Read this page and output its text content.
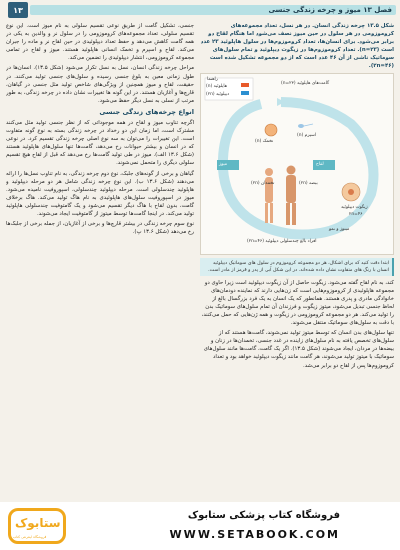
۱۳	فصل ۱۳ میوز و چرخه زندگی جنسی

جنسی، تشکیل گامت از طریق نوعی تقسیم سلولی به نام میوز است. این نوع تقسیم سلولی، تعداد مجموعه‌های کروموزومی را در سلول نر و والدین به یکی در همه گامت کاهش می‌دهد و حفظ تعداد دیپلوئیدی در حین لقاح نر و ماده را جبران می‌کند. لقاح و اسپرم و تخمک انسانی هاپلوئید هستند. میوز و لقاح در تمامی مجموعه کروموزومی، انتشار دیپلوئیدی را تضمین می‌کند.

مراحل چرخه زندگی انسان، نسل به نسل تکرار می‌شود (شکل ۱۳.۵). انسان‌ها در طول زمانی معین به بلوغ جنسی رسیده و سلول‌های جنسی تولید می‌کنند. در حقیقت، لقاح و میوز همچنین از ویژگی‌های شاخص تولید مثل جنسی در گیاهان، قارچ‌ها و آغازیان هستند. در این گونه ها تغییرات نشان داده در چرخه زندگی، به طور مرتب از نسلی به نسل دیگر حفظ می‌شود.

انواع چرخه‌های زندگی جنسی

اگرچه تناوب میوز و لقاح در همه موجوداتی که از نظر جنسی تولید مثل می‌کنند مشترک است، اما زمان این دو رخداد در چرخه زندگی بسته به نوع گونه متفاوت است. این تغییرات را می‌توان به سه نوع اصلی چرخه زندگی تقسیم کرد. در نوعی که در انسان و بیشتر حیوانات رخ می‌دهد، گامت‌ها تنها سلول‌های هاپلوئید هستند (شکل ۱۳.۶ الف). میوز در طی تولید گامت‌ها رخ می‌دهد که قبل از لقاح هیچ تقسیم سلولی دیگری را متحمل نمی‌شوند.

گیاهان و برخی از گونه‌های جلبک، نوع دوم چرخه زندگی، به نام تناوب نسل‌ها را ارائه می‌دهند (شکل ۱۳.۶ ب). این نوع چرخه زندگی شامل هر دو مرحله دیپلوئید و هاپلوئید چندسلولی است. مرحله دیپلوئید چندسلولی، اسپوروفیت نامیده می‌شود. میوز در اسپوروفیت سلول‌های هاپلوئیدی به نام هاگ تولید می‌کند. هاگ برخلاف گامت، بدون لقاح با هاگ دیگر تقسیم می‌شود و یک گامتوفیت چندسلولی هاپلوئید تولید می‌کند. در اینجا گامت‌ها توسط میتوز از گامتوفیت ایجاد می‌شوند.

نوع سوم چرخه زندگی در بیشتر قارچ‌ها و برخی از آغازیان، از جمله برخی از جلبک‌ها رخ می‌دهد (شکل ۱۳.۶ پ).

شکل ۱۳.۵ چرخه زندگی انسان. در هر نسل، تعداد مجموعه‌های کروموزومی در هر سلول در حین میوز نصف می‌شود اما هنگام لقاح دو برابر می‌شود. برای انسان‌ها، تعداد کروموزوم‌ها در سلول هاپلوئید ۲۳ عدد است (n=۲۳). تعداد کروموزوم‌ها در زیگوت دیپلوئید و تمام سلول‌های سوماتیک ناشی از آن ۴۶ عدد است که از دو مجموعه تشکیل شده است (۲n=۴۶).
راهنما
هاپلوئید (n)
دیپلوئید (۲n)
گامت‌های هاپلوئید (n=۲۳)
تخمک (n)
اسپرم (n)
میوز	لقاح
تخمدان (۲n)	بیضه (۲n)
زیگوت دیپلوئید
۲n=۴۶
میتوز و نمو
افراد بالغ چندسلولی دیپلوئید (۲n=۴۶)
ابتدا دقت کنید که برای اشکال، هر دو مجموعه کروموزوم در سلول های سوماتیک دیپلوئید انسان با رنگ های متفاوت نشان داده شده‌اند. در این شکل آبی از پدر و قرمز از مادر است.

کند، به نام لقاح گفته می‌شود. زیگوت حاصل از آن زیگوت دیپلوئید است زیرا حاوی دو مجموعه هاپلوئیدی از کروموزوم‌هایی است که زن‌هایی دارند که نماینده دودمان‌های خانوادگی مادری و پدری هستند. همانطور که یک انسان به یک فرد بزرگسال بالغ از لحاظ جنسی تبدیل می‌شود، میتوز زیگوت و فرزندان آن تمام سلول‌های سوماتیک بدن را تولید می‌کند. هر دو مجموعه کروموزومی در زیگوت و همه ژن‌هایی که حمل می‌کنند، با دقت به سلول‌های سوماتیک منتقل می‌شوند.

تنها سلول‌های بدن انسان که توسط میتوز تولید نمی‌شوند، گامت‌ها هستند که از سلول‌های تخصص یافته به نام سلول‌های زاینده در غدد جنسی، تخمدان‌ها در زنان و بیضه‌ها در مردان، ایجاد می‌شوند (شکل ۱۳.۵). اگر یک گامت، گامت‌ها مانند سلول‌های سوماتیک با میتوز تولید می‌شوند، هر گامت مانند زیگوت دیپلوئید خواهد بود و تعداد کروموزوم‌ها پس از لقاح دو برابر می‌شد.

ستابوک
فروشگاه اینترنتی کتاب
فروشگاه کتاب پزشکی ستابوک
WWW.SETABOOK.COM
